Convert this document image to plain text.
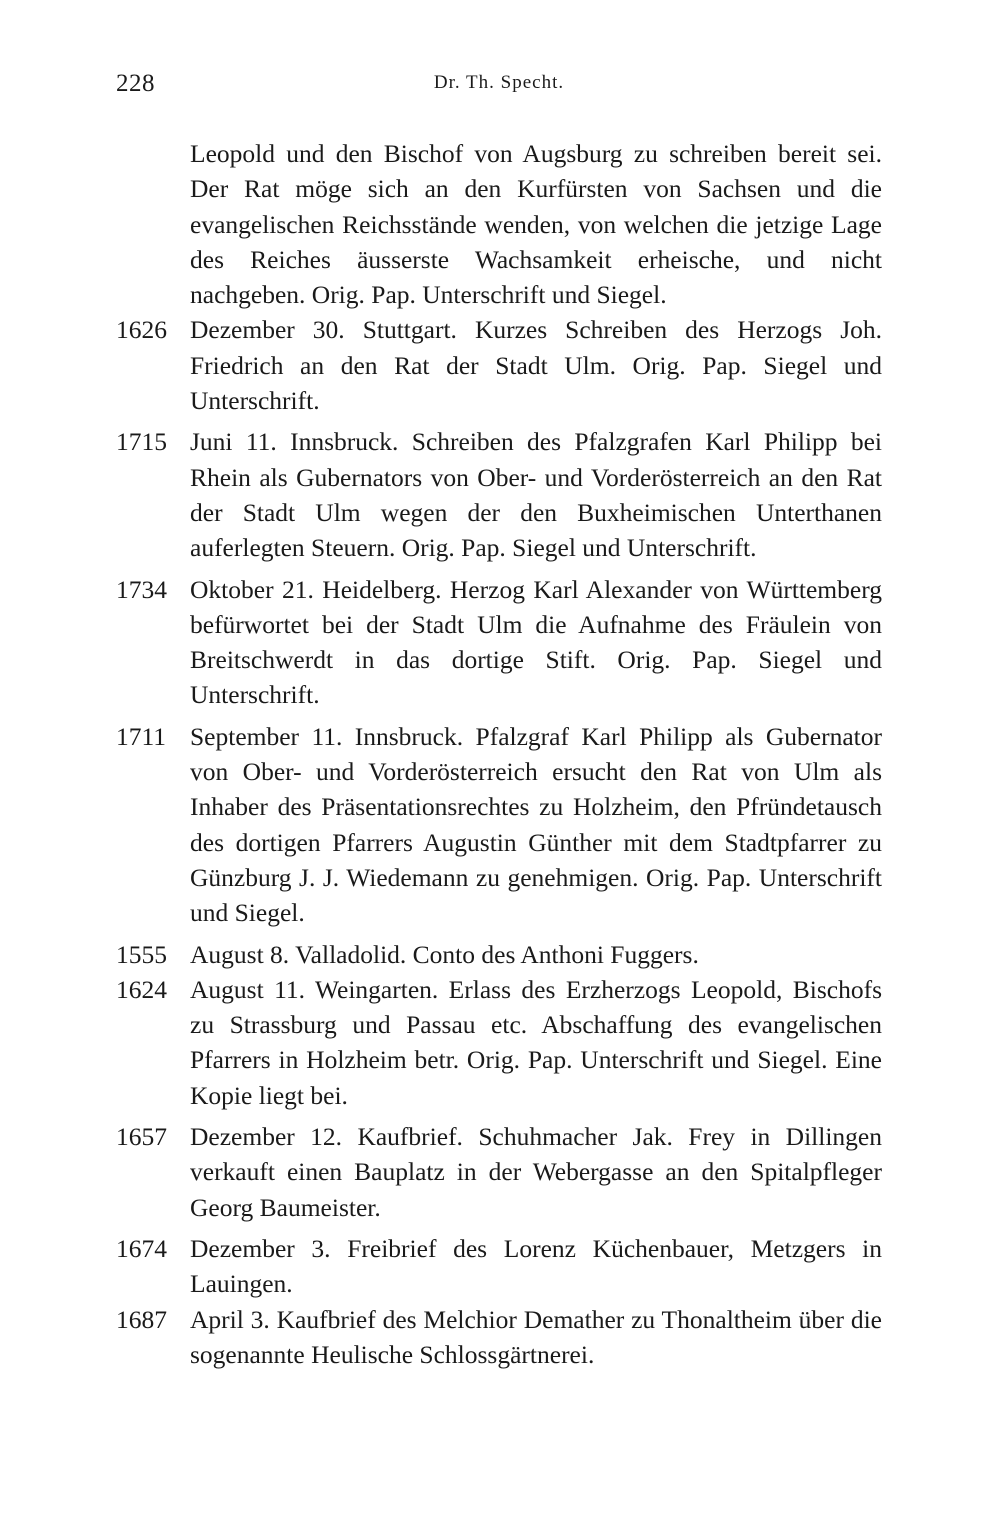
228	Dr. Th. Specht.

Leopold und den Bischof von Augsburg zu schreiben bereit sei. Der Rat möge sich an den Kurfürsten von Sachsen und die evangelischen Reichsstände wenden, von welchen die jetzige Lage des Reiches äusserste Wachsamkeit erheische, und nicht nachgeben. Orig. Pap. Unterschrift und Siegel.

1626 Dezember 30. Stuttgart. Kurzes Schreiben des Herzogs Joh. Friedrich an den Rat der Stadt Ulm. Orig. Pap. Siegel und Unterschrift.
1715 Juni 11. Innsbruck. Schreiben des Pfalzgrafen Karl Philipp bei Rhein als Gubernators von Ober- und Vorderösterreich an den Rat der Stadt Ulm wegen der den Buxheimischen Unterthanen auferlegten Steuern. Orig. Pap. Siegel und Unterschrift.
1734 Oktober 21. Heidelberg. Herzog Karl Alexander von Württemberg befürwortet bei der Stadt Ulm die Aufnahme des Fräulein von Breitschwerdt in das dortige Stift. Orig. Pap. Siegel und Unterschrift.
1711 September 11. Innsbruck. Pfalzgraf Karl Philipp als Gubernator von Ober- und Vorderösterreich ersucht den Rat von Ulm als Inhaber des Präsentationsrechtes zu Holzheim, den Pfründetausch des dortigen Pfarrers Augustin Günther mit dem Stadtpfarrer zu Günzburg J. J. Wiedemann zu genehmigen. Orig. Pap. Unterschrift und Siegel.
1555 August 8. Valladolid. Conto des Anthoni Fuggers.
1624 August 11. Weingarten. Erlass des Erzherzogs Leopold, Bischofs zu Strassburg und Passau etc. Abschaffung des evangelischen Pfarrers in Holzheim betr. Orig. Pap. Unterschrift und Siegel. Eine Kopie liegt bei.
1657 Dezember 12. Kaufbrief. Schuhmacher Jak. Frey in Dillingen verkauft einen Bauplatz in der Webergasse an den Spitalpfleger Georg Baumeister.
1674 Dezember 3. Freibrief des Lorenz Küchenbauer, Metzgers in Lauingen.
1687 April 3. Kaufbrief des Melchior Demather zu Thonaltheim über die sogenannte Heulische Schlossgärtnerei.
